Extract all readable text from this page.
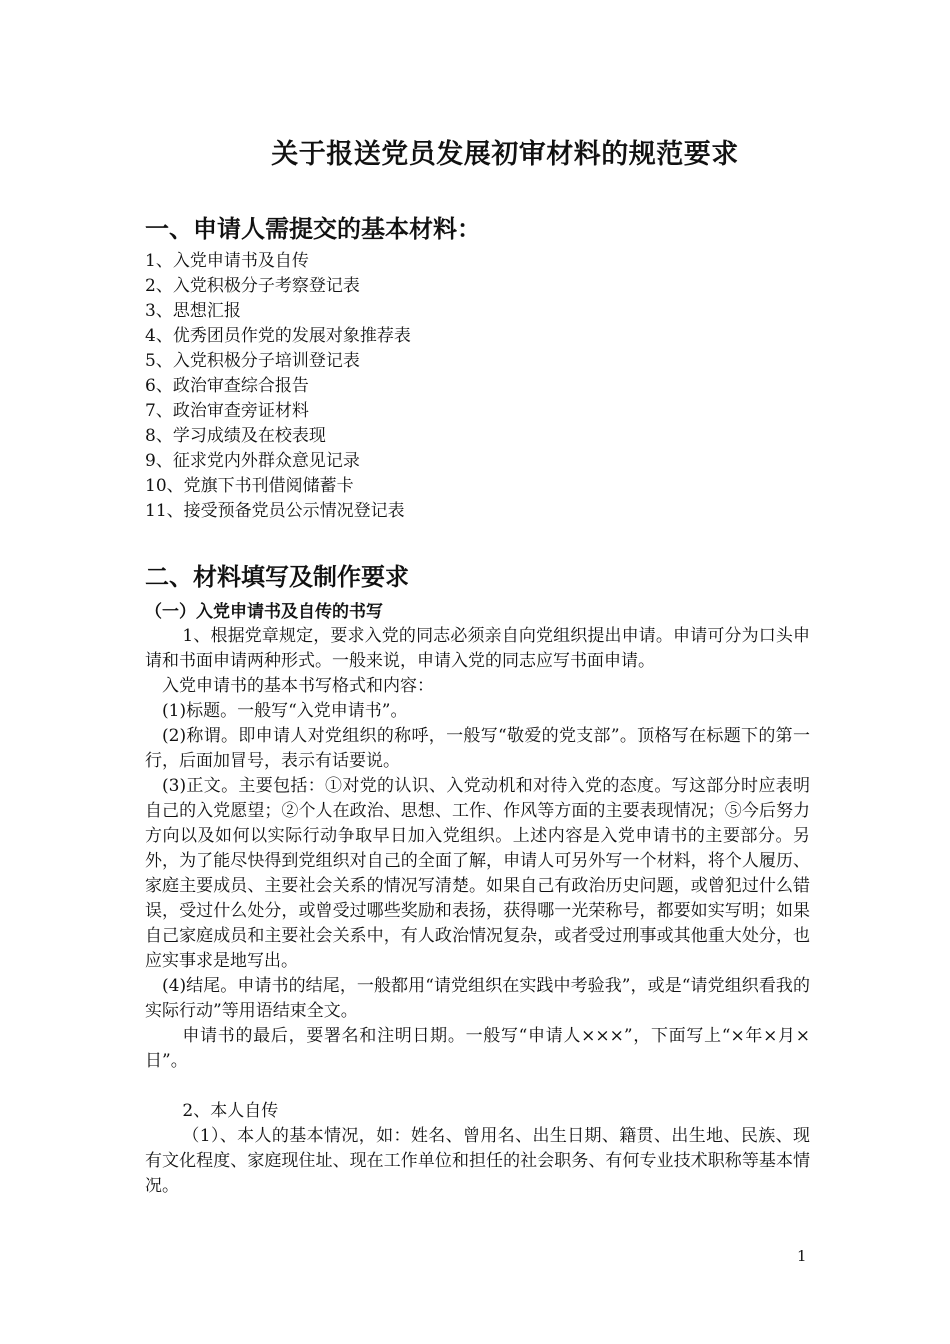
关于报送党员发展初审材料的规范要求
一、申请人需提交的基本材料：
1、入党申请书及自传
2、入党积极分子考察登记表
3、思想汇报
4、优秀团员作党的发展对象推荐表
5、入党积极分子培训登记表
6、政治审查综合报告
7、政治审查旁证材料
8、学习成绩及在校表现
9、征求党内外群众意见记录
10、党旗下书刊借阅储蓄卡
11、接受预备党员公示情况登记表
二、材料填写及制作要求
（一）入党申请书及自传的书写

1、根据党章规定，要求入党的同志必须亲自向党组织提出申请。申请可分为口头申请和书面申请两种形式。一般来说，申请入党的同志应写书面申请。

入党申请书的基本书写格式和内容：

(1)标题。一般写“入党申请书”。

(2)称谓。即申请人对党组织的称呼，一般写“敬爱的党支部”。顶格写在标题下的第一行，后面加冒号，表示有话要说。

(3)正文。主要包括：①对党的认识、入党动机和对待入党的态度。写这部分时应表明自己的入党愿望；②个人在政治、思想、工作、作风等方面的主要表现情况；⑤今后努力方向以及如何以实际行动争取早日加入党组织。上述内容是入党申请书的主要部分。另外，为了能尽快得到党组织对自己的全面了解，申请人可另外写一个材料，将个人履历、家庭主要成员、主要社会关系的情况写清楚。如果自己有政治历史问题，或曾犯过什么错误，受过什么处分，或曾受过哪些奖励和表扬，获得哪一光荣称号，都要如实写明；如果自己家庭成员和主要社会关系中，有人政治情况复杂，或者受过刑事或其他重大处分，也应实事求是地写出。

(4)结尾。申请书的结尾，一般都用“请党组织在实践中考验我”，或是“请党组织看我的实际行动”等用语结束全文。

申请书的最后，要署名和注明日期。一般写“申请人×××”，下面写上“×年×月×日”。

2、本人自传

（1）、本人的基本情况，如：姓名、曾用名、出生日期、籍贯、出生地、民族、现有文化程度、家庭现住址、现在工作单位和担任的社会职务、有何专业技术职称等基本情况。

1
